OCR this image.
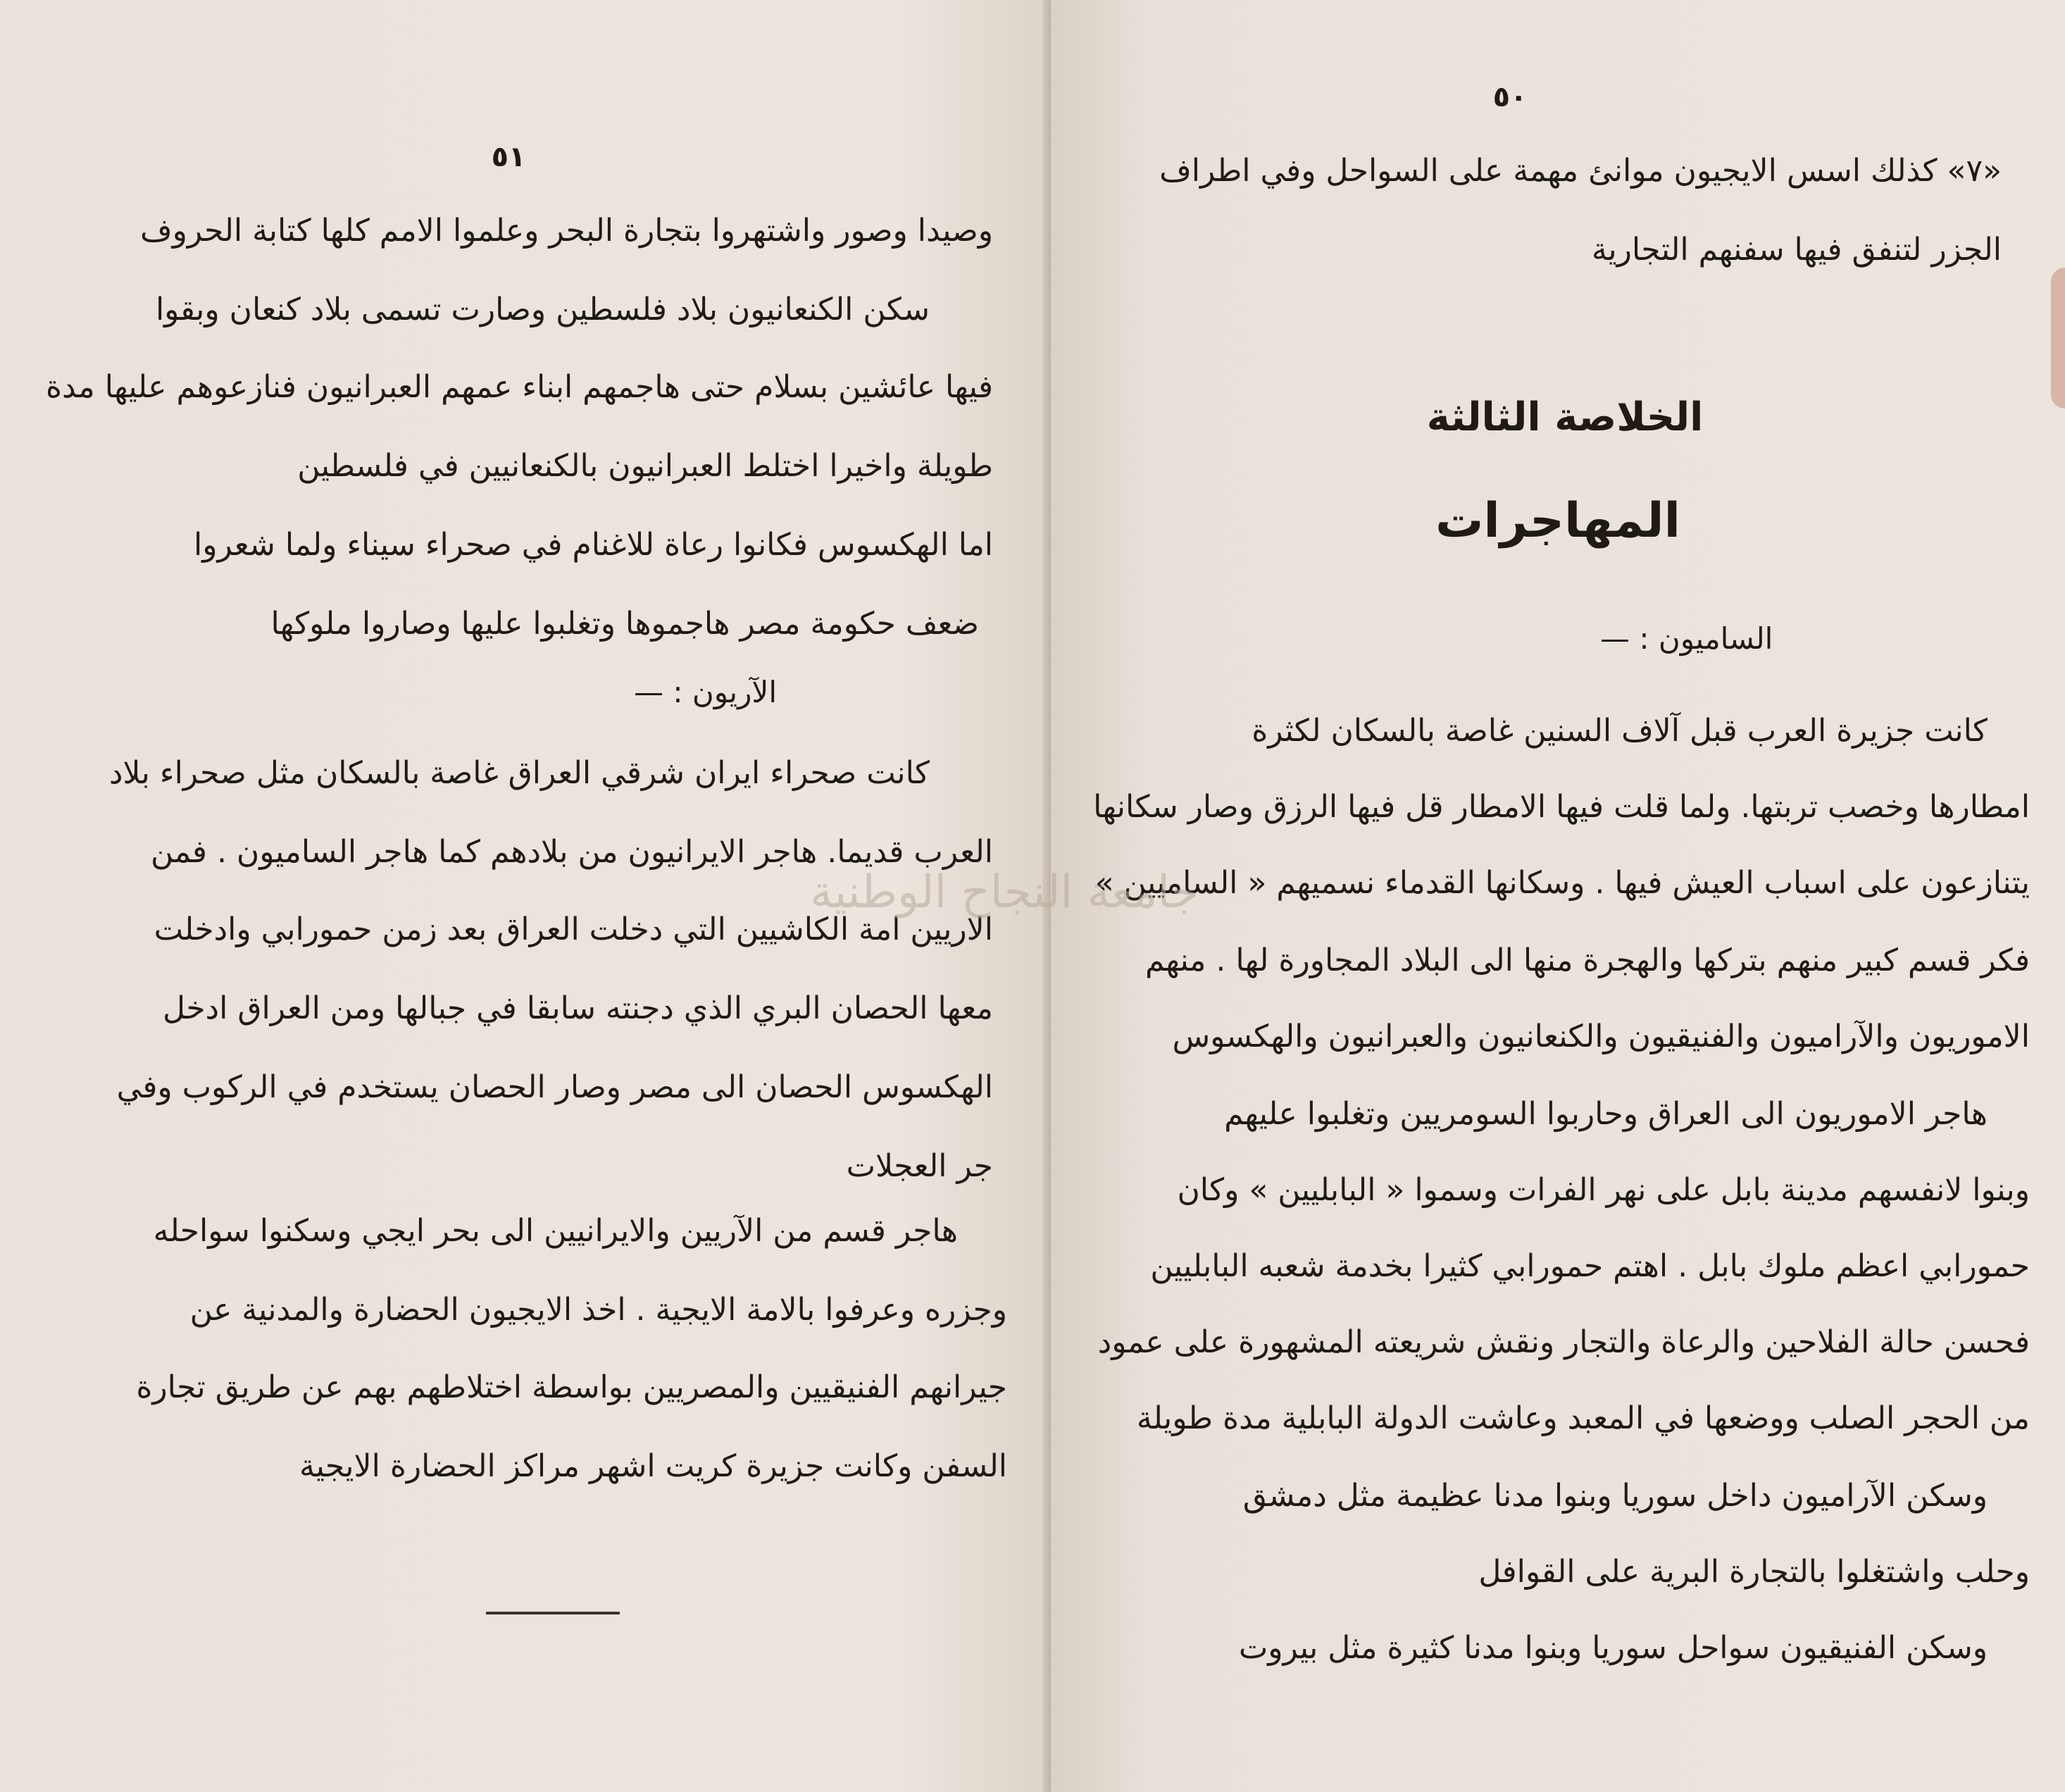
٥١
وصيدا وصور واشتهروا بتجارة البحر وعلموا الامم كلها كتابة الحروف
سكن الكنعانيون بلاد فلسطين وصارت تسمى بلاد كنعان وبقوا
فيها عائشين بسلام حتى هاجمهم ابناء عمهم العبرانيون فنازعوهم عليها مدة
طويلة واخيرا اختلط العبرانيون بالكنعانيين في فلسطين
اما الهكسوس فكانوا رعاة للاغنام في صحراء سيناء ولما شعروا
ضعف حكومة مصر هاجموها وتغلبوا عليها وصاروا ملوكها
الآريون : —
كانت صحراء ايران شرقي العراق غاصة بالسكان مثل صحراء بلاد
العرب قديما. هاجر الايرانيون من بلادهم كما هاجر الساميون . فمن
الاريين امة الكاشيين التي دخلت العراق بعد زمن حمورابي وادخلت
معها الحصان البري الذي دجنته سابقا في جبالها ومن العراق ادخل
الهكسوس الحصان الى مصر وصار الحصان يستخدم في الركوب وفي
جر العجلات
هاجر قسم من الآريين والايرانيين الى بحر ايجي وسكنوا سواحله
وجزره وعرفوا بالامة الايجية . اخذ الايجيون الحضارة والمدنية عن
جيرانهم الفنيقيين والمصريين بواسطة اختلاطهم بهم عن طريق تجارة
السفن وكانت جزيرة كريت اشهر مراكز الحضارة الايجية
٥٠
«٧» كذلك اسس الايجيون موانئ مهمة على السواحل وفي اطراف
الجزر لتنفق فيها سفنهم التجارية
الخلاصة الثالثة
المهاجرات
الساميون : —
كانت جزيرة العرب قبل آلاف السنين غاصة بالسكان لكثرة
امطارها وخصب تربتها. ولما قلت فيها الامطار قل فيها الرزق وصار سكانها
يتنازعون على اسباب العيش فيها . وسكانها القدماء نسميهم « الساميين »
فكر قسم كبير منهم بتركها والهجرة منها الى البلاد المجاورة لها . منهم
الاموريون والآراميون والفنيقيون والكنعانيون والعبرانيون والهكسوس
هاجر الاموريون الى العراق وحاربوا السومريين وتغلبوا عليهم
وبنوا لانفسهم مدينة بابل على نهر الفرات وسموا « البابليين » وكان
حمورابي اعظم ملوك بابل . اهتم حمورابي كثيرا بخدمة شعبه البابليين
فحسن حالة الفلاحين والرعاة والتجار ونقش شريعته المشهورة على عمود
من الحجر الصلب ووضعها في المعبد وعاشت الدولة البابلية مدة طويلة
وسكن الآراميون داخل سوريا وبنوا مدنا عظيمة مثل دمشق
وحلب واشتغلوا بالتجارة البرية على القوافل
وسكن الفنيقيون سواحل سوريا وبنوا مدنا كثيرة مثل بيروت
جامعة النجاح الوطنية
